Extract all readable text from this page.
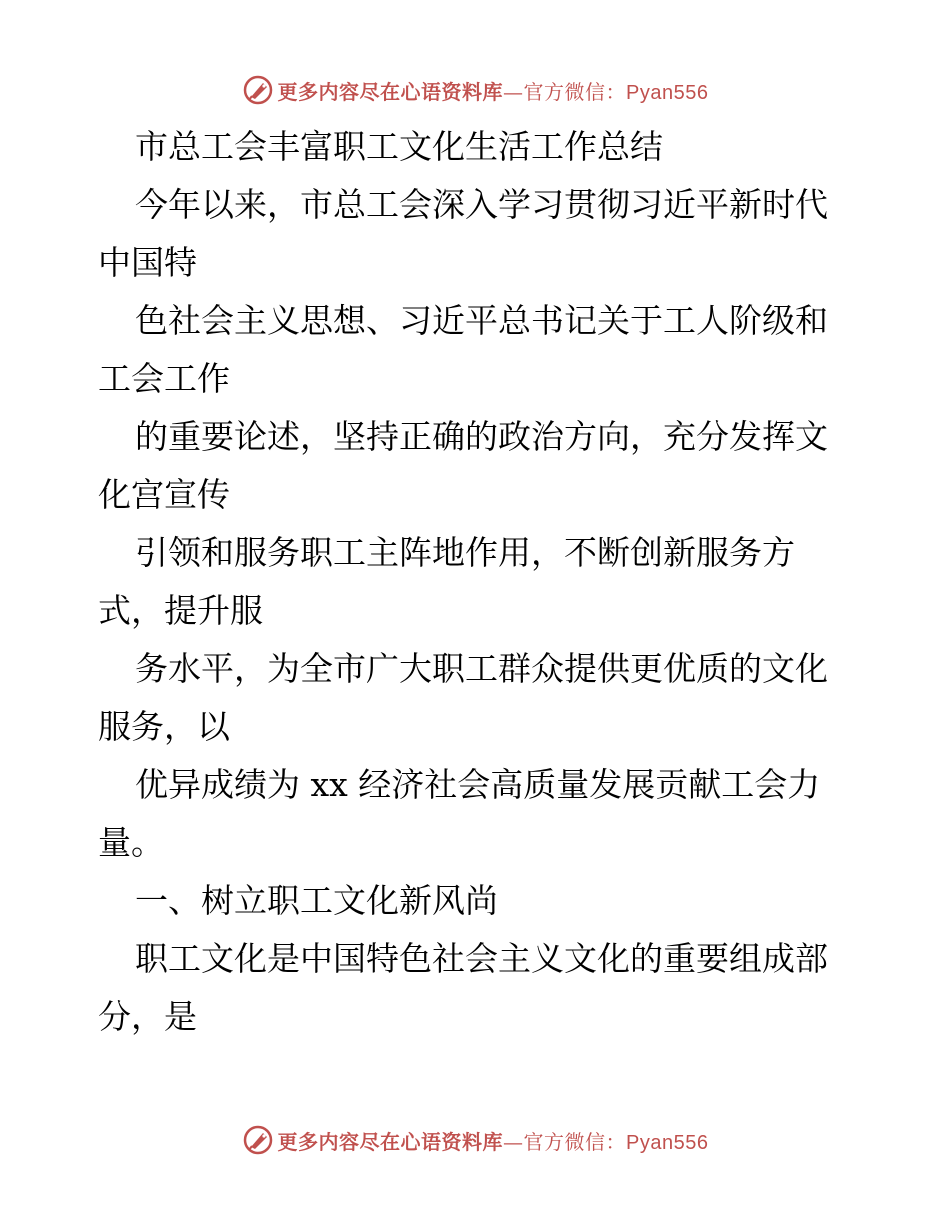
更多内容尽在心语资料库—官方微信：Pyan556

市总工会丰富职工文化生活工作总结

今年以来，市总工会深入学习贯彻习近平新时代

中国特

色社会主义思想、习近平总书记关于工人阶级和

工会工作

的重要论述，坚持正确的政治方向，充分发挥文

化宫宣传

引领和服务职工主阵地作用，不断创新服务方

式，提升服

务水平，为全市广大职工群众提供更优质的文化

服务，以

优异成绩为 xx 经济社会高质量发展贡献工会力

量。

一、树立职工文化新风尚

职工文化是中国特色社会主义文化的重要组成部

分，是

更多内容尽在心语资料库—官方微信：Pyan556
